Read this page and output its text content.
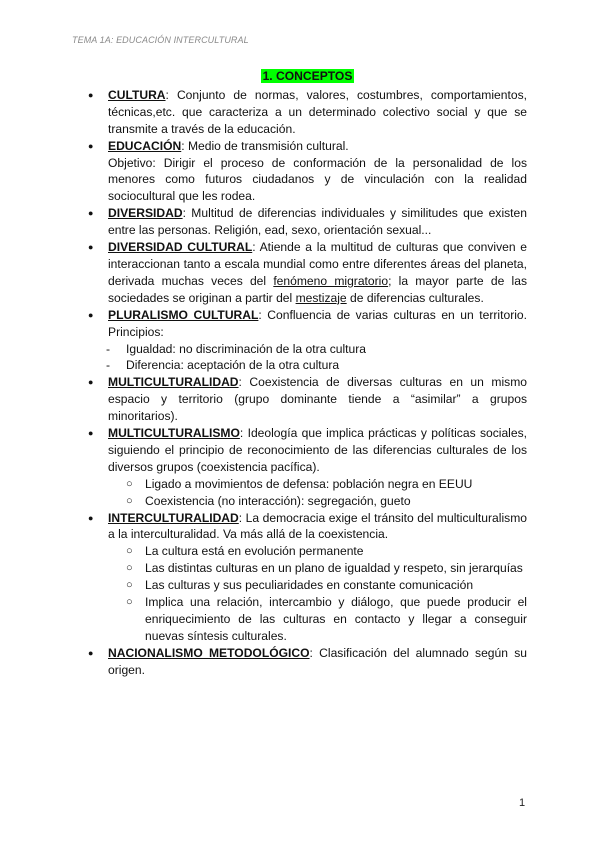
TEMA 1A: EDUCACIÓN INTERCULTURAL
1. CONCEPTOS
● CULTURA: Conjunto de normas, valores, costumbres, comportamientos, técnicas,etc. que caracteriza a un determinado colectivo social y que se transmite a través de la educación.
● EDUCACIÓN: Medio de transmisión cultural.
Objetivo: Dirigir el proceso de conformación de la personalidad de los menores como futuros ciudadanos y de vinculación con la realidad sociocultural que les rodea.
● DIVERSIDAD: Multitud de diferencias individuales y similitudes que existen entre las personas. Religión, ead, sexo, orientación sexual...
● DIVERSIDAD CULTURAL: Atiende a la multitud de culturas que conviven e interaccionan tanto a escala mundial como entre diferentes áreas del planeta, derivada muchas veces del fenómeno migratorio; la mayor parte de las sociedades se originan a partir del mestizaje de diferencias culturales.
● PLURALISMO CULTURAL: Confluencia de varias culturas en un territorio. Principios:
- Igualdad: no discriminación de la otra cultura
- Diferencia: aceptación de la otra cultura
● MULTICULTURALIDAD: Coexistencia de diversas culturas en un mismo espacio y territorio (grupo dominante tiende a “asimilar” a grupos minoritarios).
● MULTICULTURALISMO: Ideología que implica prácticas y políticas sociales, siguiendo el principio de reconocimiento de las diferencias culturales de los diversos grupos (coexistencia pacífica).
○ Ligado a movimientos de defensa: población negra en EEUU
○ Coexistencia (no interacción): segregación, gueto
● INTERCULTURALIDAD: La democracia exige el tránsito del multiculturalismo a la interculturalidad. Va más allá de la coexistencia.
○ La cultura está en evolución permanente
○ Las distintas culturas en un plano de igualdad y respeto, sin jerarquías
○ Las culturas y sus peculiaridades en constante comunicación
○ Implica una relación, intercambio y diálogo, que puede producir el enriquecimiento de las culturas en contacto y llegar a conseguir nuevas síntesis culturales.
● NACIONALISMO METODOLÓGICO: Clasificación del alumnado según su origen.
1
